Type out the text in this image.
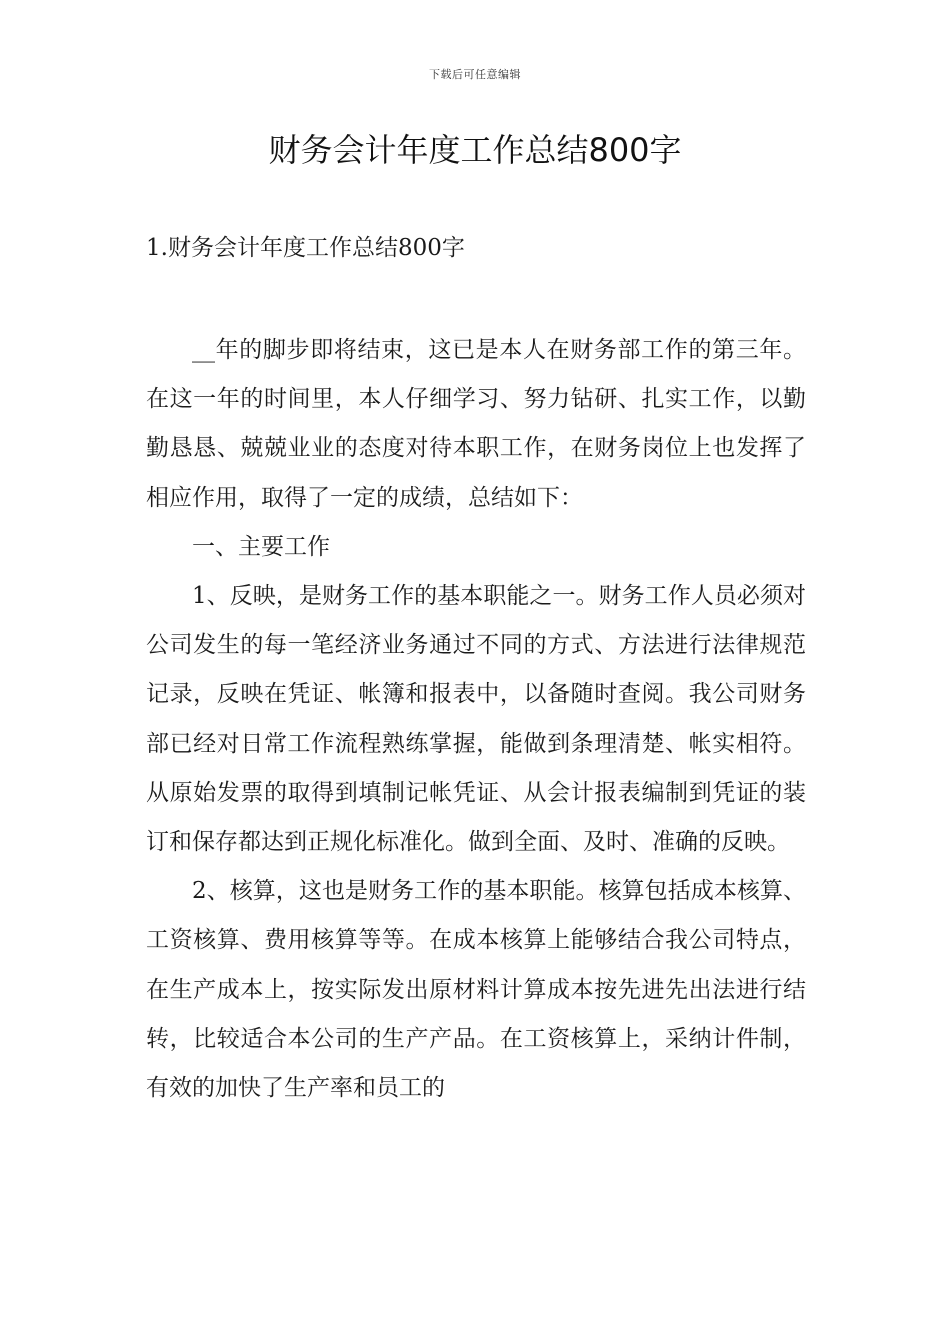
下载后可任意编辑
财务会计年度工作总结800字
1.财务会计年度工作总结800字

__年的脚步即将结束，这已是本人在财务部工作的第三年。在这一年的时间里，本人仔细学习、努力钻研、扎实工作，以勤勤恳恳、兢兢业业的态度对待本职工作，在财务岗位上也发挥了相应作用，取得了一定的成绩，总结如下：

一、主要工作

1、反映，是财务工作的基本职能之一。财务工作人员必须对公司发生的每一笔经济业务通过不同的方式、方法进行法律规范记录，反映在凭证、帐簿和报表中，以备随时查阅。我公司财务部已经对日常工作流程熟练掌握，能做到条理清楚、帐实相符。从原始发票的取得到填制记帐凭证、从会计报表编制到凭证的装订和保存都达到正规化标准化。做到全面、及时、准确的反映。

2、核算，这也是财务工作的基本职能。核算包括成本核算、工资核算、费用核算等等。在成本核算上能够结合我公司特点，在生产成本上，按实际发出原材料计算成本按先进先出法进行结转，比较适合本公司的生产产品。在工资核算上，采纳计件制，有效的加快了生产率和员工的
